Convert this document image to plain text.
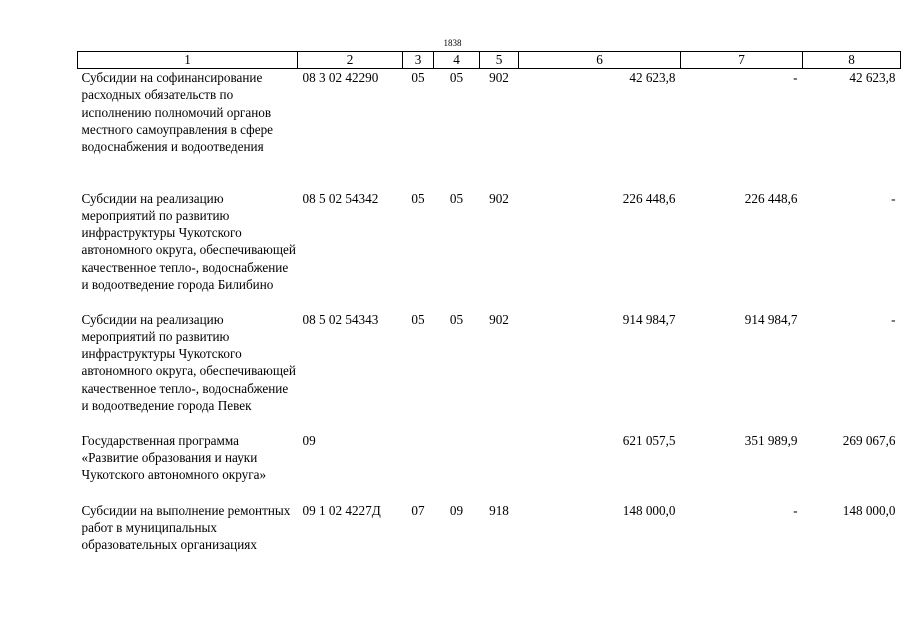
1838
1	2	3	4	5	6	7	8
Субсидии на софинансирование расходных обязательств по исполнению полномочий органов местного самоуправления в сфере водоснабжения и водоотведения	08 3 02 42290	05	05	902	42 623,8	-	42 623,8
Субсидии на реализацию мероприятий по развитию инфраструктуры Чукотского автономного округа, обеспечивающей качественное тепло-, водоснабжение и водоотведение города Билибино	08 5 02 54342	05	05	902	226 448,6	226 448,6	-
Субсидии на реализацию мероприятий по развитию инфраструктуры Чукотского автономного округа, обеспечивающей качественное тепло-, водоснабжение и водоотведение города Певек	08 5 02 54343	05	05	902	914 984,7	914 984,7	-
Государственная программа «Развитие образования и науки Чукотского автономного округа»	09				621 057,5	351 989,9	269 067,6
Субсидии на выполнение ремонтных работ в муниципальных образовательных организациях	09 1 02 4227Д	07	09	918	148 000,0	-	148 000,0
